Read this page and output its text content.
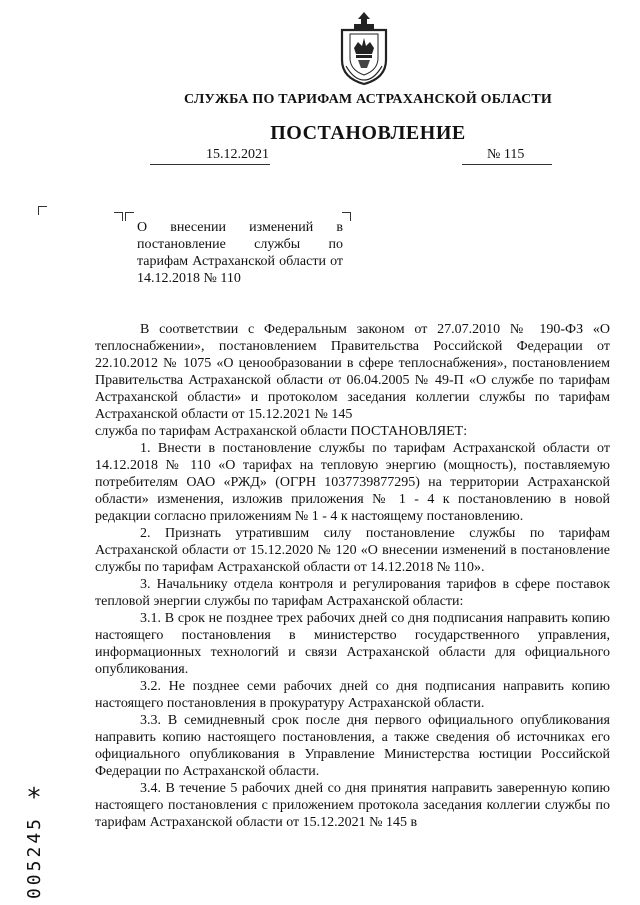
СЛУЖБА ПО ТАРИФАМ АСТРАХАНСКОЙ ОБЛАСТИ
ПОСТАНОВЛЕНИЕ
15.12.2021	№ 115
О внесении изменений в постановление службы по тарифам Астраханской области от 14.12.2018 № 110

В соответствии с Федеральным законом от 27.07.2010 № 190-ФЗ «О теплоснабжении», постановлением Правительства Российской Федерации от 22.10.2012 № 1075 «О ценообразовании в сфере теплоснабжения», постановлением Правительства Астраханской области от 06.04.2005 № 49-П «О службе по тарифам Астраханской области» и протоколом заседания коллегии службы по тарифам Астраханской области от 15.12.2021 № 145

служба по тарифам Астраханской области ПОСТАНОВЛЯЕТ:

1. Внести в постановление службы по тарифам Астраханской области от 14.12.2018 № 110 «О тарифах на тепловую энергию (мощность), поставляемую потребителям ОАО «РЖД» (ОГРН 1037739877295) на территории Астраханской области» изменения, изложив приложения № 1 - 4 к постановлению в новой редакции согласно приложениям № 1 - 4 к настоящему постановлению.

2. Признать утратившим силу постановление службы по тарифам Астраханской области от 15.12.2020 № 120 «О внесении изменений в постановление службы по тарифам Астраханской области от 14.12.2018 № 110».

3. Начальнику отдела контроля и регулирования тарифов в сфере поставок тепловой энергии службы по тарифам Астраханской области:

3.1. В срок не позднее трех рабочих дней со дня подписания направить копию настоящего постановления в министерство государственного управления, информационных технологий и связи Астраханской области для официального опубликования.

3.2. Не позднее семи рабочих дней со дня подписания направить копию настоящего постановления в прокуратуру Астраханской области.

3.3. В семидневный срок после дня первого официального опубликования направить копию настоящего постановления, а также сведения об источниках его официального опубликования в Управление Министерства юстиции Российской Федерации по Астраханской области.

3.4. В течение 5 рабочих дней со дня принятия направить заверенную копию настоящего постановления с приложением протокола заседания коллегии службы по тарифам Астраханской области от 15.12.2021 № 145 в

*
005245
